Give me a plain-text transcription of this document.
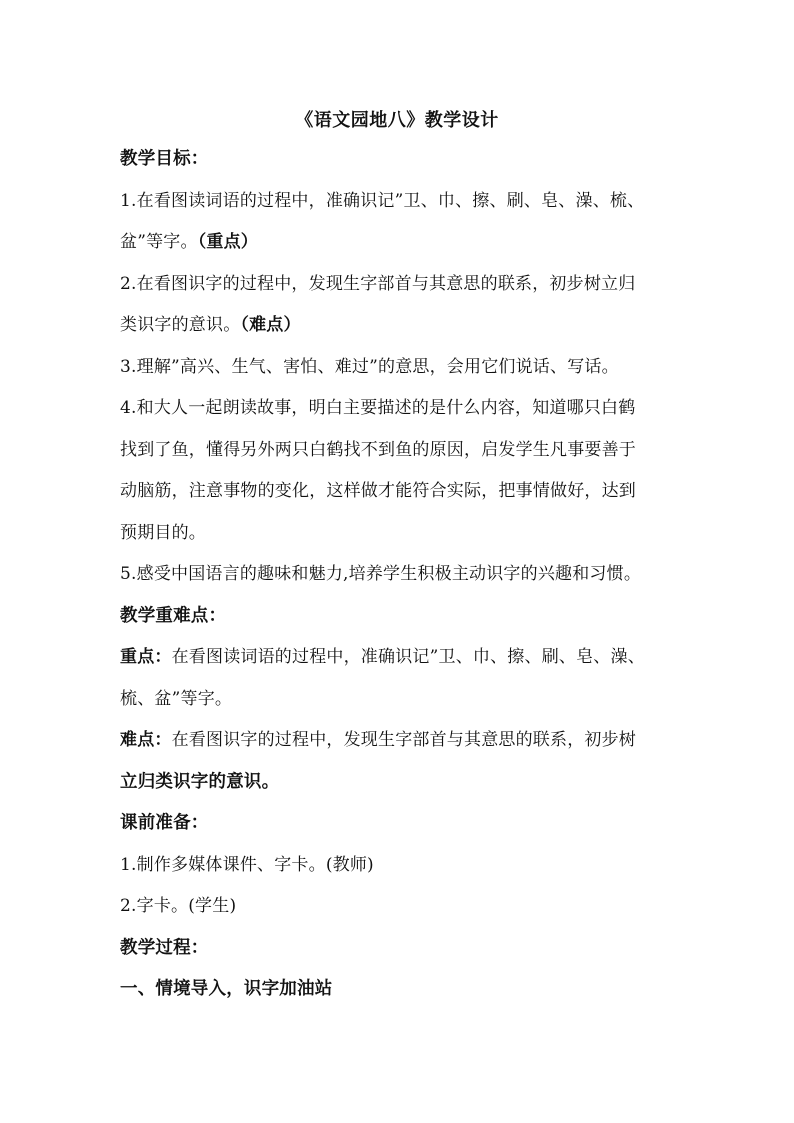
《语文园地八》教学设计
教学目标：
1.在看图读词语的过程中，准确识记”卫、巾、擦、刷、皂、澡、梳、
盆”等字。（重点）
2.在看图识字的过程中，发现生字部首与其意思的联系，初步树立归
类识字的意识。（难点）
3.理解”高兴、生气、害怕、难过”的意思，会用它们说话、写话。
4.和大人一起朗读故事，明白主要描述的是什么内容，知道哪只白鹤
找到了鱼，懂得另外两只白鹤找不到鱼的原因，启发学生凡事要善于
动脑筋，注意事物的变化，这样做才能符合实际，把事情做好，达到
预期目的。
5.感受中国语言的趣味和魅力,培养学生积极主动识字的兴趣和习惯。
教学重难点：
重点：在看图读词语的过程中，准确识记”卫、巾、擦、刷、皂、澡、
梳、盆”等字。
难点：在看图识字的过程中，发现生字部首与其意思的联系，初步树
立归类识字的意识。
课前准备：
1.制作多媒体课件、字卡。(教师)
2.字卡。(学生)
教学过程：
一、情境导入，识字加油站
